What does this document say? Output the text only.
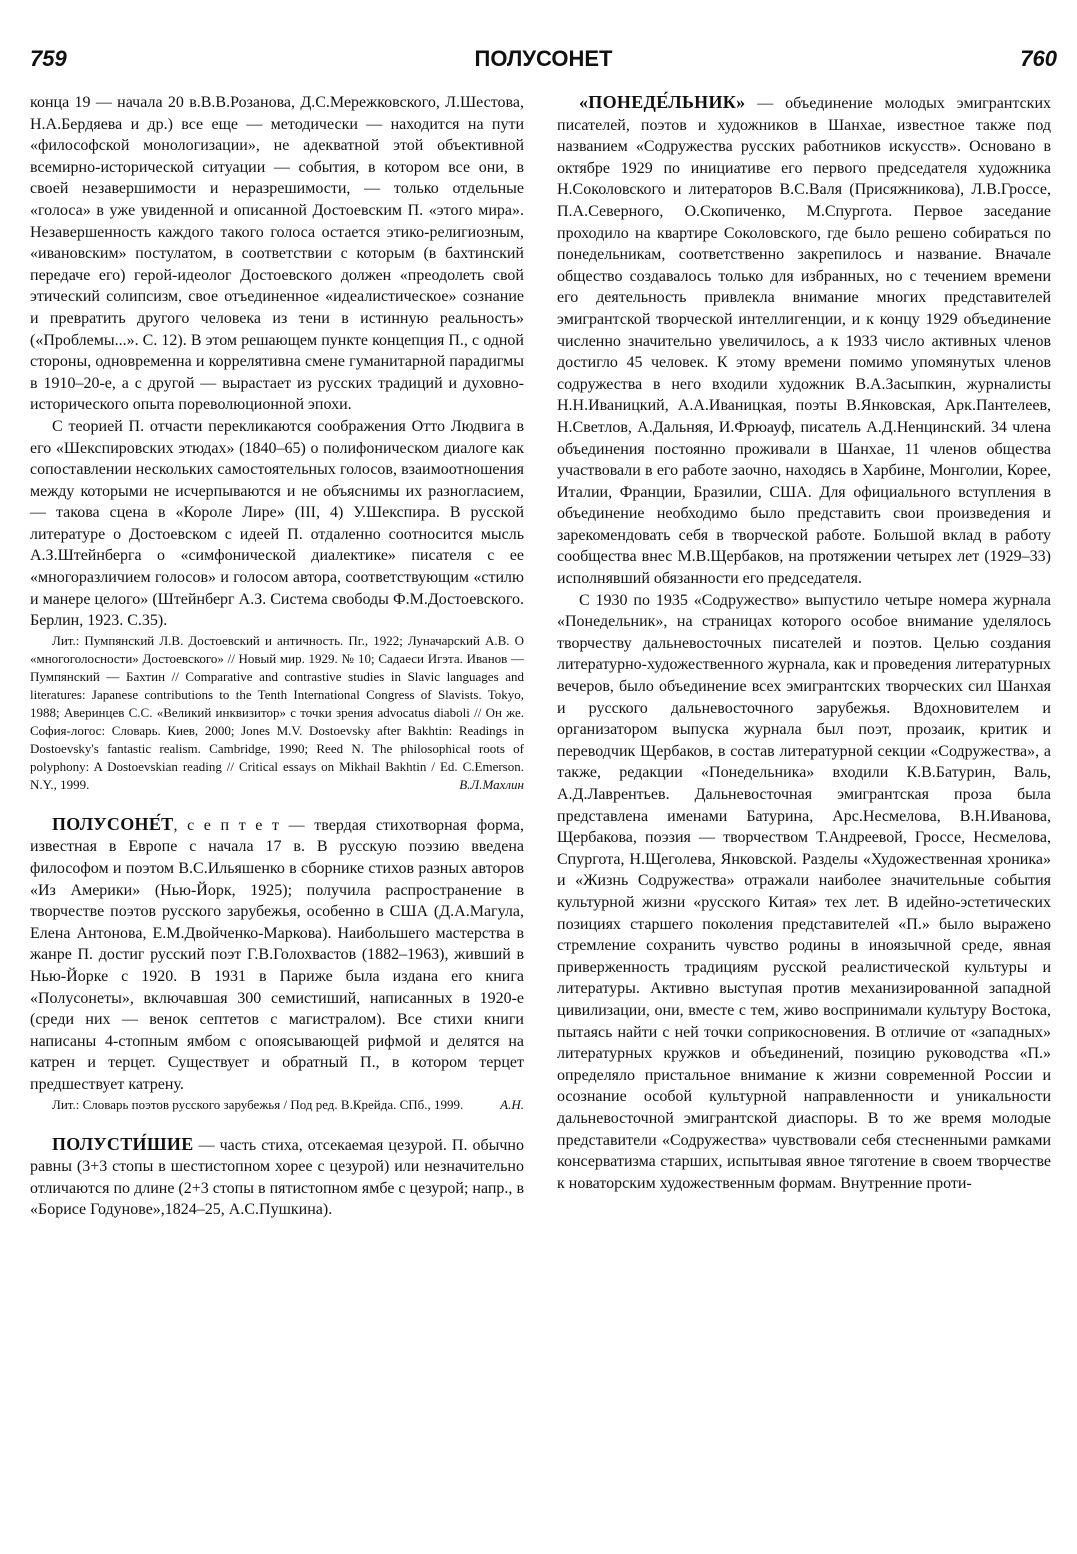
759	ПОЛУСОНЕТ	760

конца 19 — начала 20 в.В.В.Розанова, Д.С.Мережковского, Л.Шестова, Н.А.Бердяева и др.) все еще — методически — находится на пути «философской монологизации», не адекватной этой объективной всемирно-исторической ситуации — события, в котором все они, в своей незавершимости и неразрешимости, — только отдельные «голоса» в уже увиденной и описанной Достоевским П. «этого мира». Незавершенность каждого такого голоса остается этико-религиозным, «ивановским» постулатом, в соответствии с которым (в бахтинский передаче его) герой-идеолог Достоевского должен «преодолеть свой этический солипсизм, свое отъединенное «идеалистическое» сознание и превратить другого человека из тени в истинную реальность» («Проблемы...». С. 12). В этом решающем пункте концепция П., с одной стороны, одновременна и коррелятивна смене гуманитарной парадигмы в 1910–20-е, а с другой — вырастает из русских традиций и духовно-исторического опыта пореволюционной эпохи.

С теорией П. отчасти перекликаются соображения Отто Людвига в его «Шекспировских этюдах» (1840–65) о полифоническом диалоге как сопоставлении нескольких самостоятельных голосов, взаимоотношения между которыми не исчерпываются и не объяснимы их разногласием, — такова сцена в «Короле Лире» (III, 4) У.Шекспира. В русской литературе о Достоевском с идеей П. отдаленно соотносится мысль А.З.Штейнберга о «симфонической диалектике» писателя с ее «многоразличием голосов» и голосом автора, соответствующим «стилю и манере целого» (Штейнберг А.З. Система свободы Ф.М.Достоевского. Берлин, 1923. С.35).

Лит.: Пумпянский Л.В. Достоевский и античность. Пг., 1922; Луначарский А.В. О «многоголосности» Достоевского» // Новый мир. 1929. № 10; Садаеси Игэта. Иванов — Пумпянский — Бахтин // Comparative and contrastive studies in Slavic languages and literatures: Japanese contributions to the Tenth International Congress of Slavists. Tokyo, 1988; Аверинцев С.С. «Великий инквизитор» с точки зрения advocatus diaboli // Он же. София-логос: Словарь. Киев, 2000; Jones M.V. Dostoevsky after Bakhtin: Readings in Dostoevsky's fantastic realism. Cambridge, 1990; Reed N. The philosophical roots of polyphony: A Dostoevskian reading // Critical essays on Mikhail Bakhtin / Ed. C.Emerson. N.Y., 1999.	В.Л.Махлин

ПОЛУСОНЕ́Т, с е п т е т — твердая стихотворная форма, известная в Европе с начала 17 в. В русскую поэзию введена философом и поэтом В.С.Ильяшенко в сборнике стихов разных авторов «Из Америки» (Нью-Йорк, 1925); получила распространение в творчестве поэтов русского зарубежья, особенно в США (Д.А.Магула, Елена Антонова, Е.М.Двойченко-Маркова). Наибольшего мастерства в жанре П. достиг русский поэт Г.В.Голохвастов (1882–1963), живший в Нью-Йорке с 1920. В 1931 в Париже была издана его книга «Полусонеты», включавшая 300 семистиший, написанных в 1920-е (среди них — венок септетов с магистралом). Все стихи книги написаны 4-стопным ямбом с опоясывающей рифмой и делятся на катрен и терцет. Существует и обратный П., в котором терцет предшествует катрену.

Лит.: Словарь поэтов русского зарубежья / Под ред. В.Крейда. СПб., 1999.	А.Н.

ПОЛУСТИ́ШИЕ — часть стиха, отсекаемая цезурой. П. обычно равны (3+3 стопы в шестистопном хорее с цезурой) или незначительно отличаются по длине (2+3 стопы в пятистопном ямбе с цезурой; напр., в «Борисе Годунове»,1824–25, А.С.Пушкина).

«ПОНЕДЕ́ЛЬНИК» — объединение молодых эмигрантских писателей, поэтов и художников в Шанхае, известное также под названием «Содружества русских работников искусств». Основано в октябре 1929 по инициативе его первого председателя художника Н.Соколовского и литераторов В.С.Валя (Присяжникова), Л.В.Гроссе, П.А.Северного, О.Скопиченко, М.Спургота. Первое заседание проходило на квартире Соколовского, где было решено собираться по понедельникам, соответственно закрепилось и название. Вначале общество создавалось только для избранных, но с течением времени его деятельность привлекла внимание многих представителей эмигрантской творческой интеллигенции, и к концу 1929 объединение численно значительно увеличилось, а к 1933 число активных членов достигло 45 человек. К этому времени помимо упомянутых членов содружества в него входили художник В.А.Засыпкин, журналисты Н.Н.Иваницкий, А.А.Иваницкая, поэты В.Янковская, Арк.Пантелеев, Н.Светлов, А.Дальняя, И.Фрюауф, писатель А.Д.Ненцинский. 34 члена объединения постоянно проживали в Шанхае, 11 членов общества участвовали в его работе заочно, находясь в Харбине, Монголии, Корее, Италии, Франции, Бразилии, США. Для официального вступления в объединение необходимо было представить свои произведения и зарекомендовать себя в творческой работе. Большой вклад в работу сообщества внес М.В.Щербаков, на протяжении четырех лет (1929–33) исполнявший обязанности его председателя.

С 1930 по 1935 «Содружество» выпустило четыре номера журнала «Понедельник», на страницах которого особое внимание уделялось творчеству дальневосточных писателей и поэтов. Целью создания литературно-художественного журнала, как и проведения литературных вечеров, было объединение всех эмигрантских творческих сил Шанхая и русского дальневосточного зарубежья. Вдохновителем и организатором выпуска журнала был поэт, прозаик, критик и переводчик Щербаков, в состав литературной секции «Содружества», а также, редакции «Понедельника» входили К.В.Батурин, Валь, А.Д.Лаврентьев. Дальневосточная эмигрантская проза была представлена именами Батурина, Арс.Несмелова, В.Н.Иванова, Щербакова, поэзия — творчеством Т.Андреевой, Гроссе, Несмелова, Спургота, Н.Щеголева, Янковской. Разделы «Художественная хроника» и «Жизнь Содружества» отражали наиболее значительные события культурной жизни «русского Китая» тех лет. В идейно-эстетических позициях старшего поколения представителей «П.» было выражено стремление сохранить чувство родины в иноязычной среде, явная приверженность традициям русской реалистической культуры и литературы. Активно выступая против механизированной западной цивилизации, они, вместе с тем, живо воспринимали культуру Востока, пытаясь найти с ней точки соприкосновения. В отличие от «западных» литературных кружков и объединений, позицию руководства «П.» определяло пристальное внимание к жизни современной России и осознание особой культурной направленности и уникальности дальневосточной эмигрантской диаспоры. В то же время молодые представители «Содружества» чувствовали себя стесненными рамками консерватизма старших, испытывая явное тяготение в своем творчестве к новаторским художественным формам. Внутренние проти-
